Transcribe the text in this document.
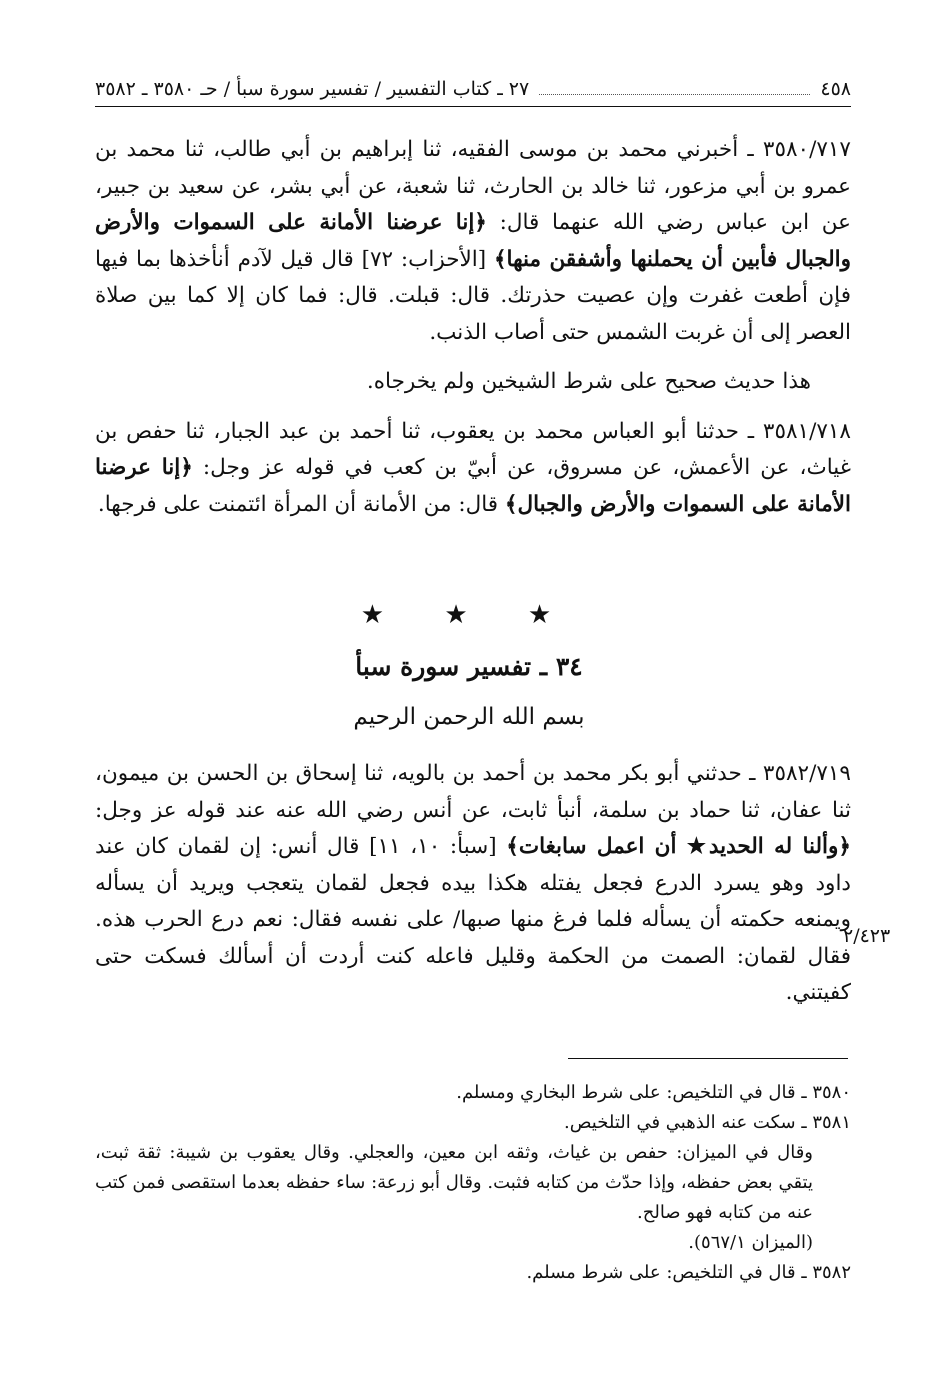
٤٥٨
٢٧ ـ كتاب التفسير / تفسير سورة سبأ / حـ ٣٥٨٠ ـ ٣٥٨٢

٣٥٨٠/٧١٧ ـ أخبرني محمد بن موسى الفقيه، ثنا إبراهيم بن أبي طالب، ثنا محمد بن عمرو بن أبي مزعور، ثنا خالد بن الحارث، ثنا شعبة، عن أبي بشر، عن سعيد بن جبير، عن ابن عباس رضي الله عنهما قال: ﴿إنا عرضنا الأمانة على السموات والأرض والجبال فأبين أن يحملنها وأشفقن منها﴾ [الأحزاب: ٧٢] قال قيل لآدم أنأخذها بما فيها فإن أطعت غفرت وإن عصيت حذرتك. قال: قبلت. قال: فما كان إلا كما بين صلاة العصر إلى أن غربت الشمس حتى أصاب الذنب.

هذا حديث صحيح على شرط الشيخين ولم يخرجاه.

٣٥٨١/٧١٨ ـ حدثنا أبو العباس محمد بن يعقوب، ثنا أحمد بن عبد الجبار، ثنا حفص بن غياث، عن الأعمش، عن مسروق، عن أبيّ بن كعب في قوله عز وجل: ﴿إنا عرضنا الأمانة على السموات والأرض والجبال﴾ قال: من الأمانة أن المرأة ائتمنت على فرجها.

★ ★ ★
٣٤ ـ تفسير سورة سبأ
بسم الله الرحمن الرحيم

٣٥٨٢/٧١٩ ـ حدثني أبو بكر محمد بن أحمد بن بالويه، ثنا إسحاق بن الحسن بن ميمون، ثنا عفان، ثنا حماد بن سلمة، أنبأ ثابت، عن أنس رضي الله عنه عند قوله عز وجل: ﴿وألنا له الحديد★ أن اعمل سابغات﴾ [سبأ: ١٠، ١١] قال أنس: إن لقمان كان عند داود وهو يسرد الدرع فجعل يفتله هكذا بيده فجعل لقمان يتعجب ويريد أن يسأله ويمنعه حكمته أن يسأله فلما فرغ منها صبها/ على نفسه فقال: نعم درع الحرب هذه. فقال لقمان: الصمت من الحكمة وقليل فاعله كنت أردت أن أسألك فسكت حتى كفيتني.

٢/٤٢٣

٣٥٨٠ ـ قال في التلخيص: على شرط البخاري ومسلم.

٣٥٨١ ـ سكت عنه الذهبي في التلخيص.

وقال في الميزان: حفص بن غياث، وثقه ابن معين، والعجلي. وقال يعقوب بن شيبة: ثقة ثبت، يتقي بعض حفظه، وإذا حدّث من كتابه فثبت. وقال أبو زرعة: ساء حفظه بعدما استقصى فمن كتب عنه من كتابه فهو صالح.

(الميزان ٥٦٧/١).

٣٥٨٢ ـ قال في التلخيص: على شرط مسلم.
